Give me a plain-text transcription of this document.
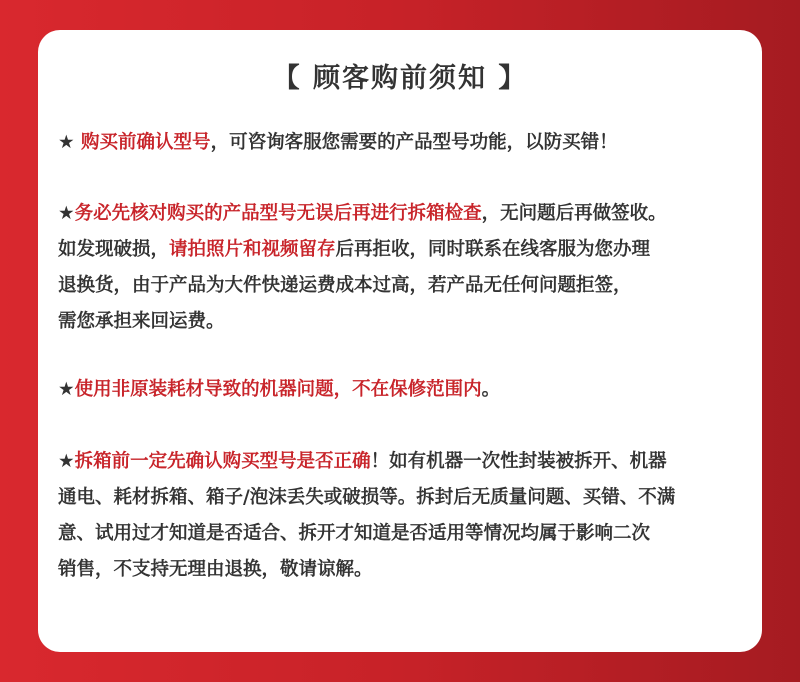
【 顾客购前须知 】
★ 购买前确认型号，可咨询客服您需要的产品型号功能，以防买错！
★务必先核对购买的产品型号无误后再进行拆箱检查，无问题后再做签收。
如发现破损，请拍照片和视频留存后再拒收，同时联系在线客服为您办理
退换货，由于产品为大件快递运费成本过高，若产品无任何问题拒签，
需您承担来回运费。
★使用非原装耗材导致的机器问题，不在保修范围内。
★拆箱前一定先确认购买型号是否正确！如有机器一次性封装被拆开、机器
通电、耗材拆箱、箱子/泡沫丢失或破损等。拆封后无质量问题、买错、不满
意、试用过才知道是否适合、拆开才知道是否适用等情况均属于影响二次
销售，不支持无理由退换，敬请谅解。
